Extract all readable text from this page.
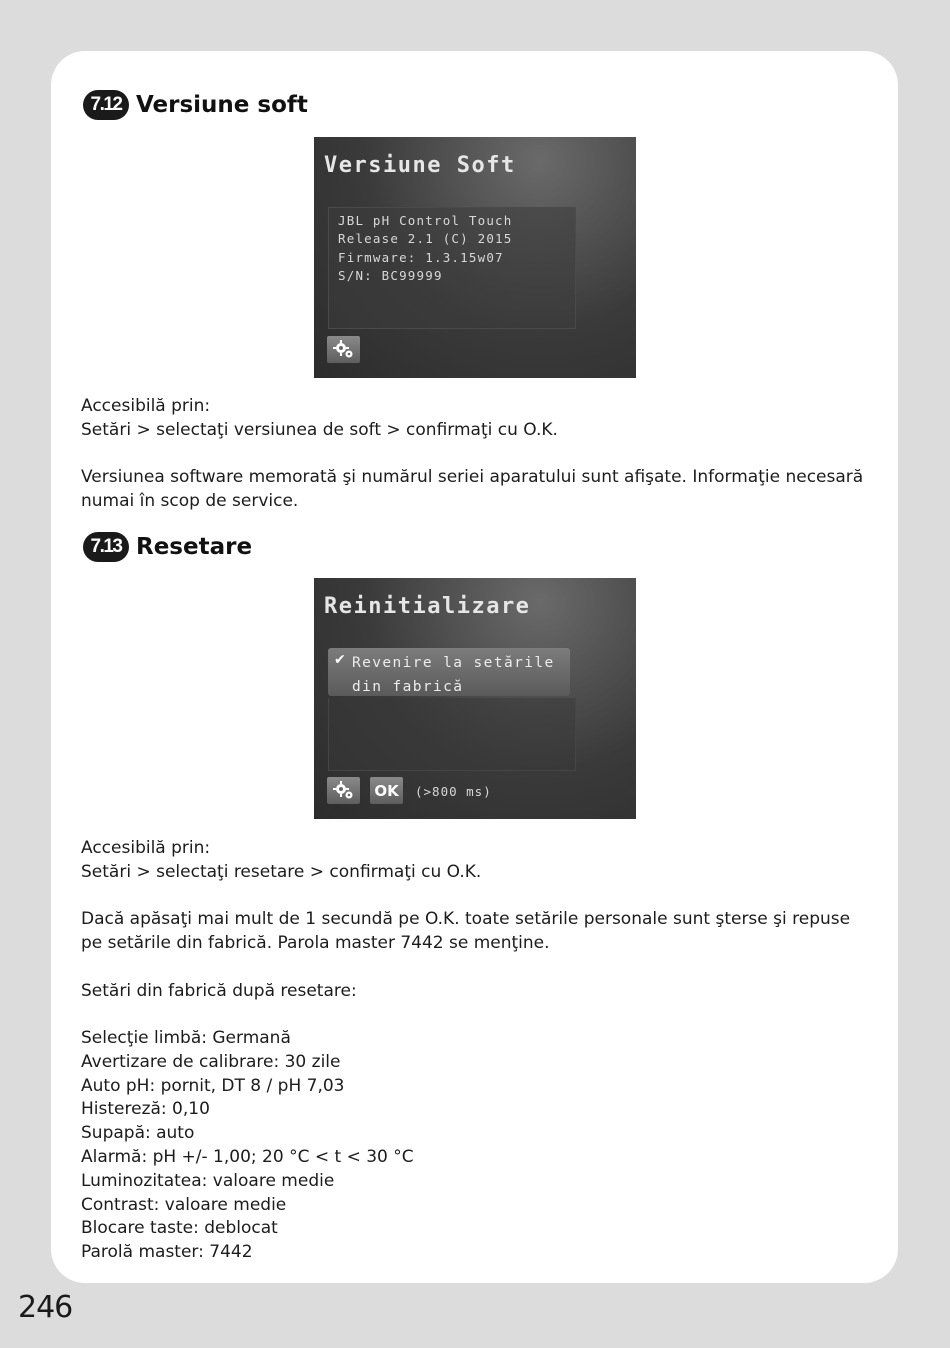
7.12 Versiune soft
Versiune Soft
JBL pH Control Touch
Release 2.1 (C) 2015
Firmware: 1.3.15w07
S/N: BC99999

Accesibilă prin:

Setări > selectaţi versiunea de soft > confirmaţi cu O.K.

Versiunea software memorată şi numărul seriei aparatului sunt afişate. Informaţie necesară numai în scop de service.
7.13 Resetare
Reinitializare
✔ Revenire la setările
din fabrică
OK	(>800 ms)

Accesibilă prin:

Setări > selectaţi resetare > confirmaţi cu O.K.

Dacă apăsaţi mai mult de 1 secundă pe O.K. toate setările personale sunt şterse şi repuse pe setările din fabrică. Parola master 7442 se menţine.
Setări din fabrică după resetare:

Selecţie limbă: Germană

Avertizare de calibrare: 30 zile

Auto pH: pornit, DT 8 / pH 7,03

Histereză: 0,10

Supapă: auto

Alarmă: pH +/- 1,00; 20 °C < t < 30 °C

Luminozitatea: valoare medie

Contrast: valoare medie

Blocare taste: deblocat

Parolă master: 7442

246
